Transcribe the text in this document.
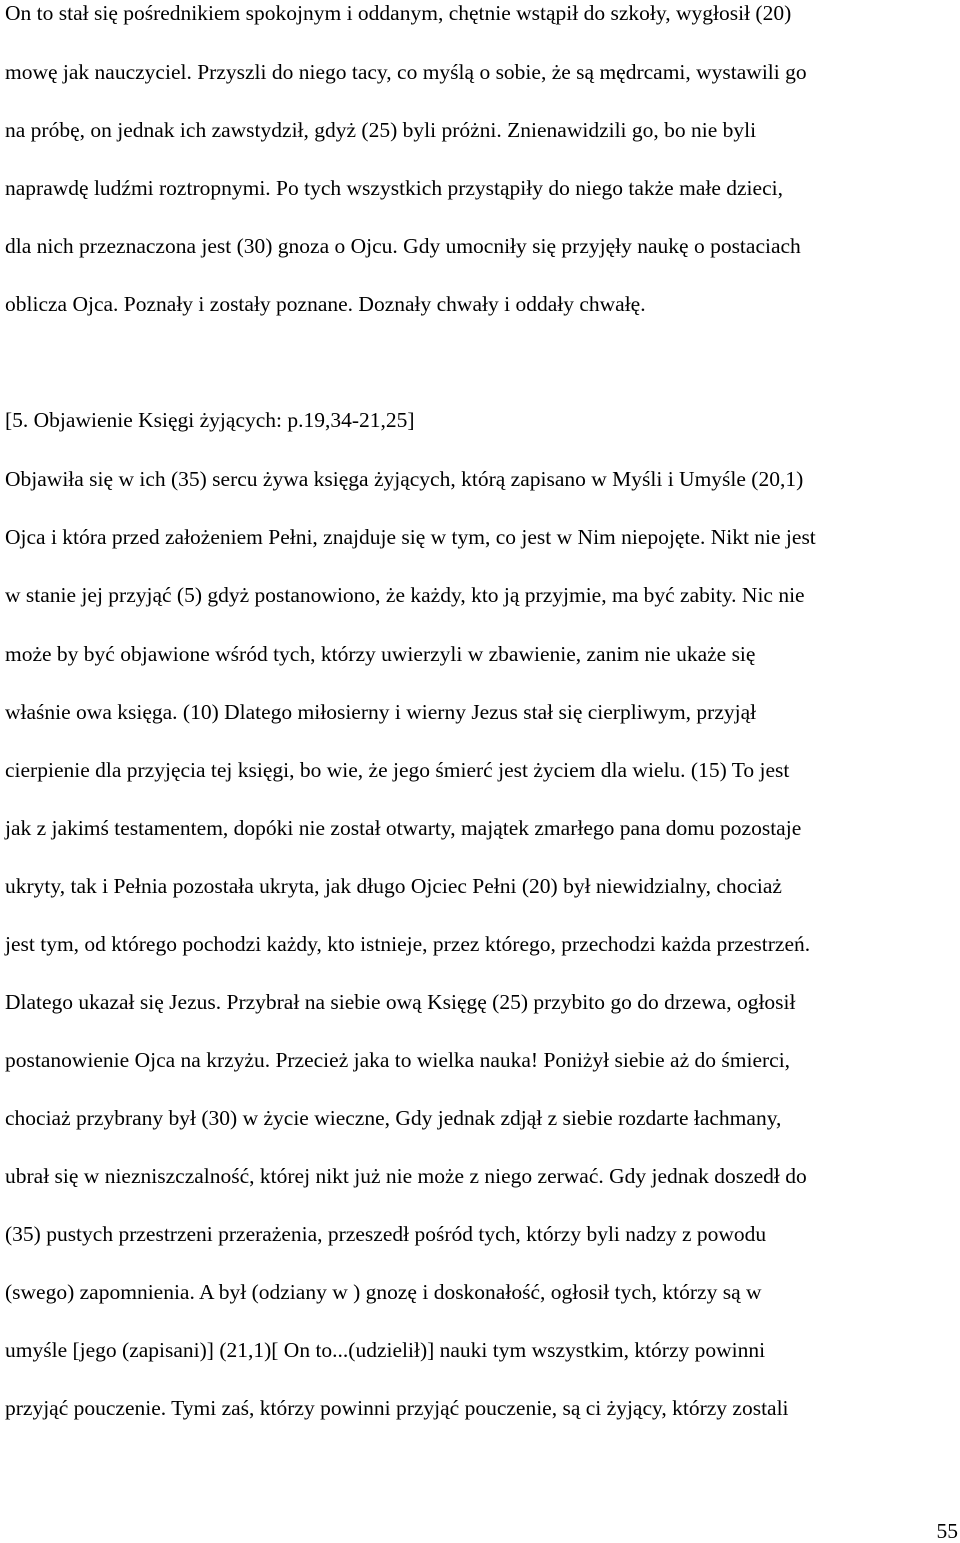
On to stał się pośrednikiem spokojnym i oddanym, chętnie wstąpił do szkoły, wygłosił (20)
mowę jak nauczyciel. Przyszli do niego tacy, co myślą o sobie, że są mędrcami, wystawili go
na próbę, on jednak ich zawstydził, gdyż (25) byli próżni. Znienawidzili go, bo nie byli
naprawdę ludźmi roztropnymi. Po tych wszystkich przystąpiły do niego także małe dzieci,
dla nich przeznaczona jest (30) gnoza o Ojcu. Gdy umocniły się przyjęły naukę o postaciach
oblicza Ojca. Poznały i zostały poznane. Doznały chwały i oddały chwałę.
[5. Objawienie Księgi żyjących: p.19,34-21,25]
Objawiła się w ich (35) sercu żywa księga żyjących, którą zapisano w Myśli i Umyśle (20,1)
Ojca i która przed założeniem Pełni, znajduje się w tym, co jest w Nim niepojęte. Nikt nie jest
w stanie jej przyjąć (5) gdyż postanowiono, że każdy, kto ją przyjmie, ma być zabity. Nic nie
może by być objawione wśród tych, którzy uwierzyli w zbawienie, zanim nie ukaże się
właśnie owa księga. (10) Dlatego miłosierny i wierny Jezus stał się cierpliwym, przyjął
cierpienie dla przyjęcia tej księgi, bo wie, że jego śmierć jest życiem dla wielu. (15) To jest
jak z jakimś testamentem, dopóki nie został otwarty, majątek zmarłego pana domu pozostaje
ukryty, tak i Pełnia pozostała ukryta, jak długo Ojciec Pełni (20) był niewidzialny, chociaż
jest tym, od którego pochodzi każdy, kto istnieje, przez którego, przechodzi każda przestrzeń.
Dlatego ukazał się Jezus. Przybrał na siebie ową Księgę (25) przybito go do drzewa, ogłosił
postanowienie Ojca na krzyżu. Przecież jaka to wielka nauka! Poniżył siebie aż do śmierci,
chociaż przybrany był (30) w życie wieczne, Gdy jednak zdjął z siebie rozdarte łachmany,
ubrał się w niezniszczalność, której nikt już nie może z niego zerwać. Gdy jednak doszedł do
(35) pustych przestrzeni przerażenia, przeszedł pośród tych, którzy byli nadzy z powodu
(swego) zapomnienia. A był (odziany w ) gnozę i doskonałość, ogłosił tych, którzy są w
umyśle [jego (zapisani)] (21,1)[ On to...(udzielił)] nauki tym wszystkim, którzy powinni
przyjąć pouczenie. Tymi zaś, którzy powinni przyjąć pouczenie, są ci żyjący, którzy zostali
55
